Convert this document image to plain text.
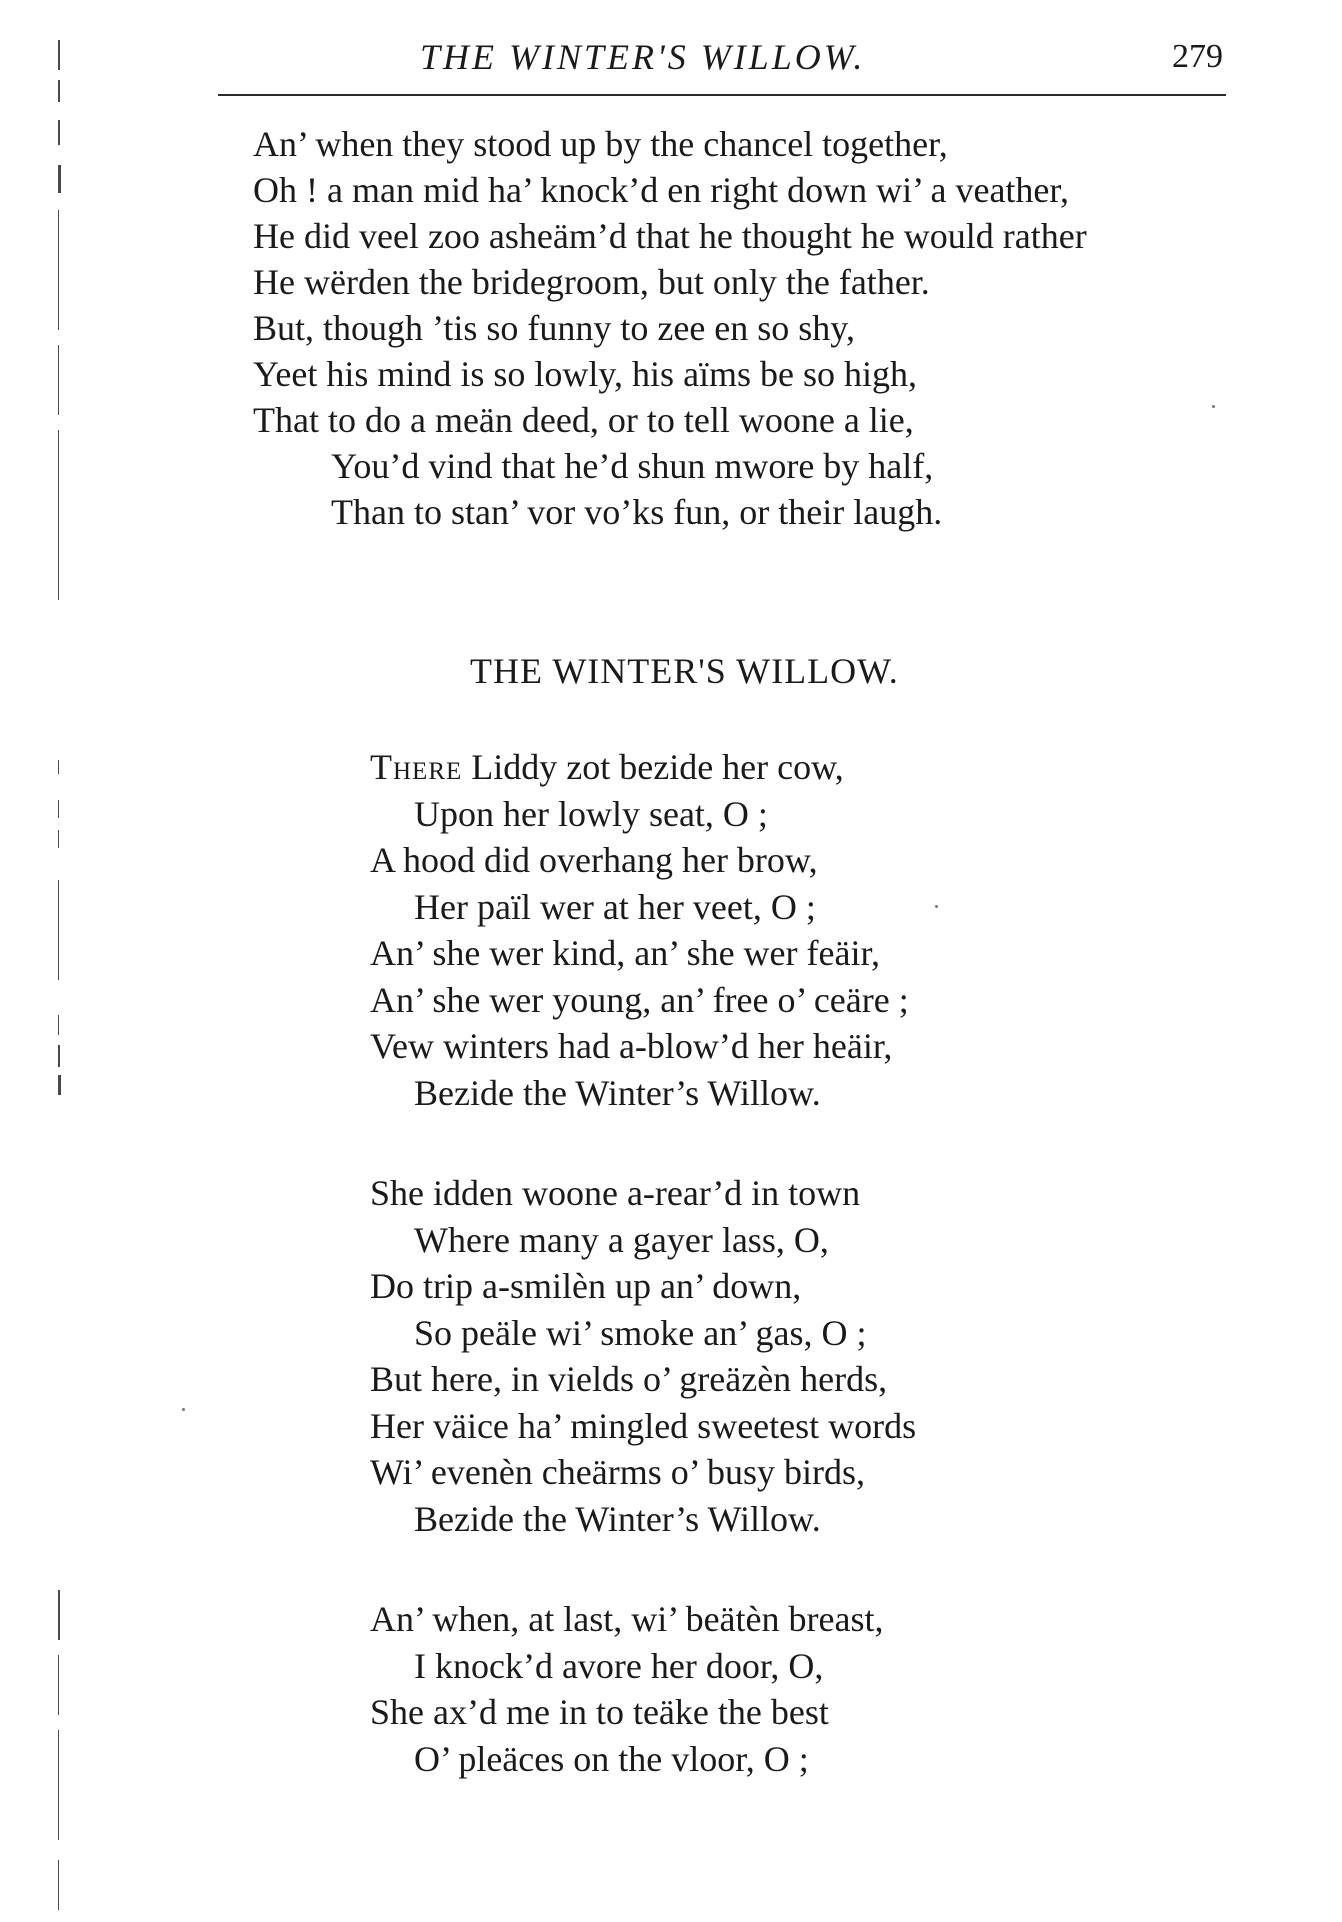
THE WINTER'S WILLOW.	279
An’ when they stood up by the chancel together,
Oh ! a man mid ha’ knock’d en right down wi’ a veather,
He did veel zoo asheäm’d that he thought he would rather
He wërden the bridegroom, but only the father.
But, though ’tis so funny to zee en so shy,
Yeet his mind is so lowly, his aïms be so high,
That to do a meän deed, or to tell woone a lie,
You’d vind that he’d shun mwore by half,
Than to stan’ vor vo’ks fun, or their laugh.
THE WINTER'S WILLOW.
There Liddy zot bezide her cow,
Upon her lowly seat, O ;
A hood did overhang her brow,
Her païl wer at her veet, O ;
An’ she wer kind, an’ she wer feäir,
An’ she wer young, an’ free o’ ceäre ;
Vew winters had a-blow’d her heäir,
Bezide the Winter’s Willow.
She idden woone a-rear’d in town
Where many a gayer lass, O,
Do trip a-smilèn up an’ down,
So peäle wi’ smoke an’ gas, O ;
But here, in vields o’ greäzèn herds,
Her väice ha’ mingled sweetest words
Wi’ evenèn cheärms o’ busy birds,
Bezide the Winter’s Willow.
An’ when, at last, wi’ beätèn breast,
I knock’d avore her door, O,
She ax’d me in to teäke the best
O’ pleäces on the vloor, O ;
